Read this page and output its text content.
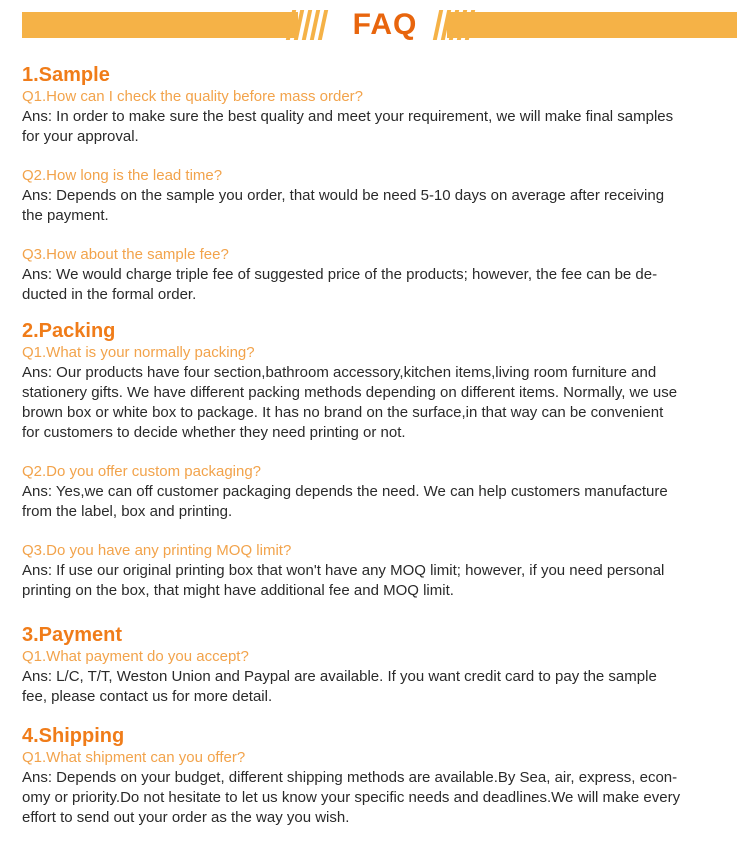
FAQ
1.Sample

Q1.How can I check the quality before mass order?

Ans: In order to make sure the best quality and meet your requirement, we will make final samples

for your approval.

Q2.How long is the lead time?

Ans: Depends on the sample you order, that would be need 5-10 days on average after receiving

the payment.

Q3.How about the sample fee?

Ans: We would charge triple fee of suggested price of the products; however, the fee can be de-

ducted in the formal order.

2.Packing

Q1.What is your normally packing?

Ans: Our products have four section,bathroom accessory,kitchen items,living room furniture and

stationery gifts. We have different packing methods depending on different items. Normally, we use

brown box or white box to package. It has no brand on the surface,in that way can be convenient

for customers to decide whether they need printing or not.

Q2.Do you offer custom packaging?

Ans: Yes,we can off customer packaging depends the need. We can help customers manufacture

from the label, box and printing.

Q3.Do you have any printing MOQ limit?

Ans: If use our original printing box that won't have any MOQ limit; however, if you need personal

printing on the box, that might have additional fee and MOQ limit.

3.Payment

Q1.What payment do you accept?

Ans: L/C, T/T, Weston Union and Paypal are available. If you want credit card to pay the sample

fee, please contact us for more detail.

4.Shipping

Q1.What shipment can you offer?

Ans: Depends on your budget, different shipping methods are available.By Sea, air, express, econ-

omy or priority.Do not hesitate to let us know your specific needs and deadlines.We will make every

effort to send out your order as the way you wish.
